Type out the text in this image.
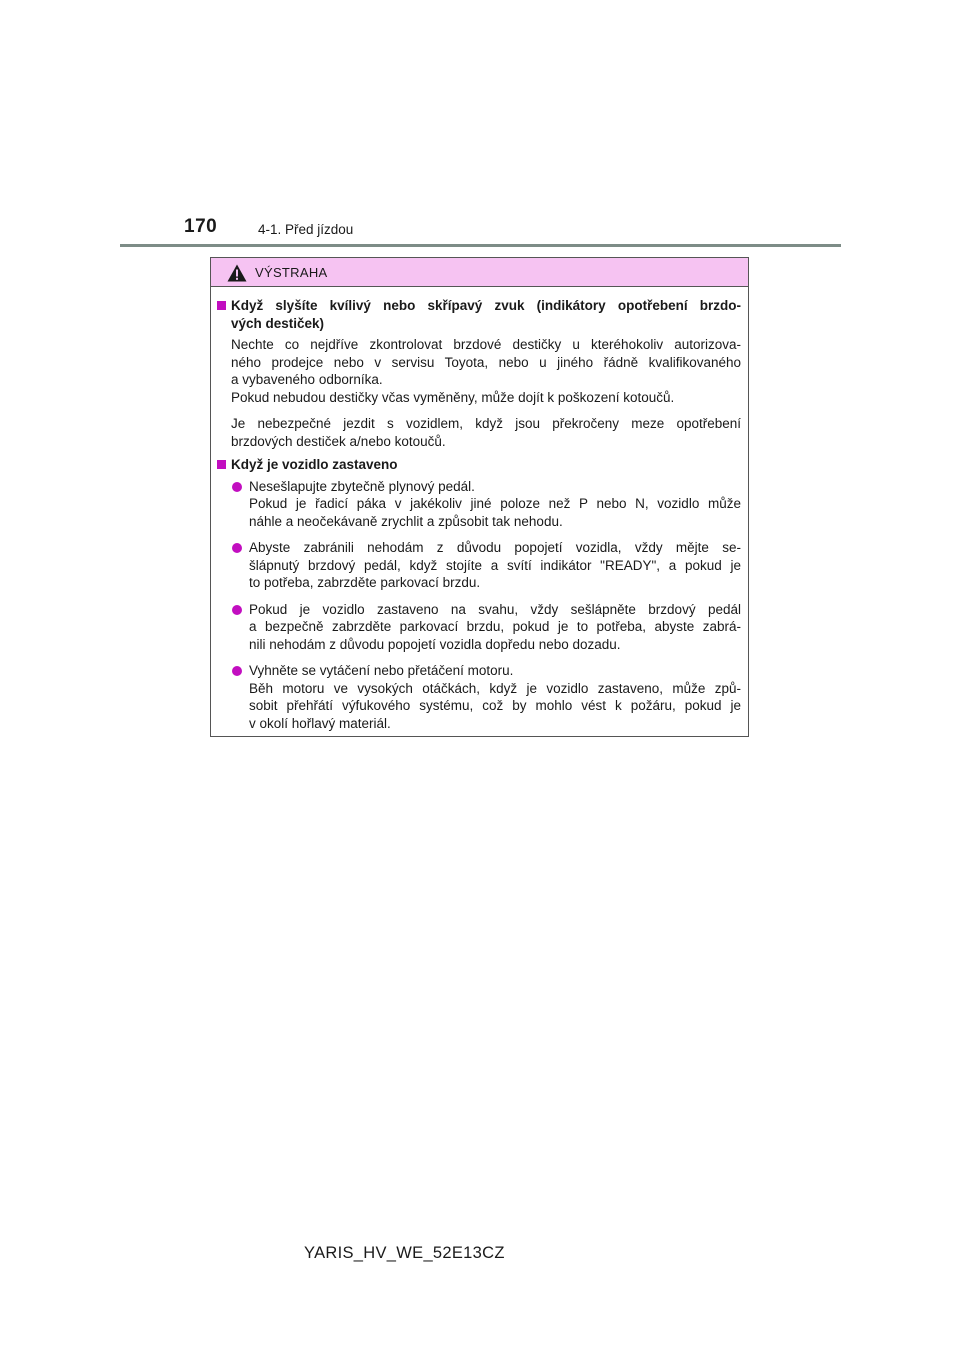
170	4-1. Před jízdou
VÝSTRAHA
Když slyšíte kvílivý nebo skřípavý zvuk (indikátory opotřebení brzdo-
vých destiček)
Nechte co nejdříve zkontrolovat brzdové destičky u kteréhokoliv autorizova-
ného prodejce nebo v servisu Toyota, nebo u jiného řádně kvalifikovaného
a vybaveného odborníka.
Pokud nebudou destičky včas vyměněny, může dojít k poškození kotoučů.
Je nebezpečné jezdit s vozidlem, když jsou překročeny meze opotřebení
brzdových destiček a/nebo kotoučů.
Když je vozidlo zastaveno
Nesešlapujte zbytečně plynový pedál.
Pokud je řadicí páka v jakékoliv jiné poloze než P nebo N, vozidlo může
náhle a neočekávaně zrychlit a způsobit tak nehodu.
Abyste zabránili nehodám z důvodu popojetí vozidla, vždy mějte se-
šlápnutý brzdový pedál, když stojíte a svítí indikátor "READY", a pokud je
to potřeba, zabrzděte parkovací brzdu.
Pokud je vozidlo zastaveno na svahu, vždy sešlápněte brzdový pedál
a bezpečně zabrzděte parkovací brzdu, pokud je to potřeba, abyste zabrá-
nili nehodám z důvodu popojetí vozidla dopředu nebo dozadu.
Vyhněte se vytáčení nebo přetáčení motoru.
Běh motoru ve vysokých otáčkách, když je vozidlo zastaveno, může způ-
sobit přehřátí výfukového systému, což by mohlo vést k požáru, pokud je
v okolí hořlavý materiál.
YARIS_HV_WE_52E13CZ
